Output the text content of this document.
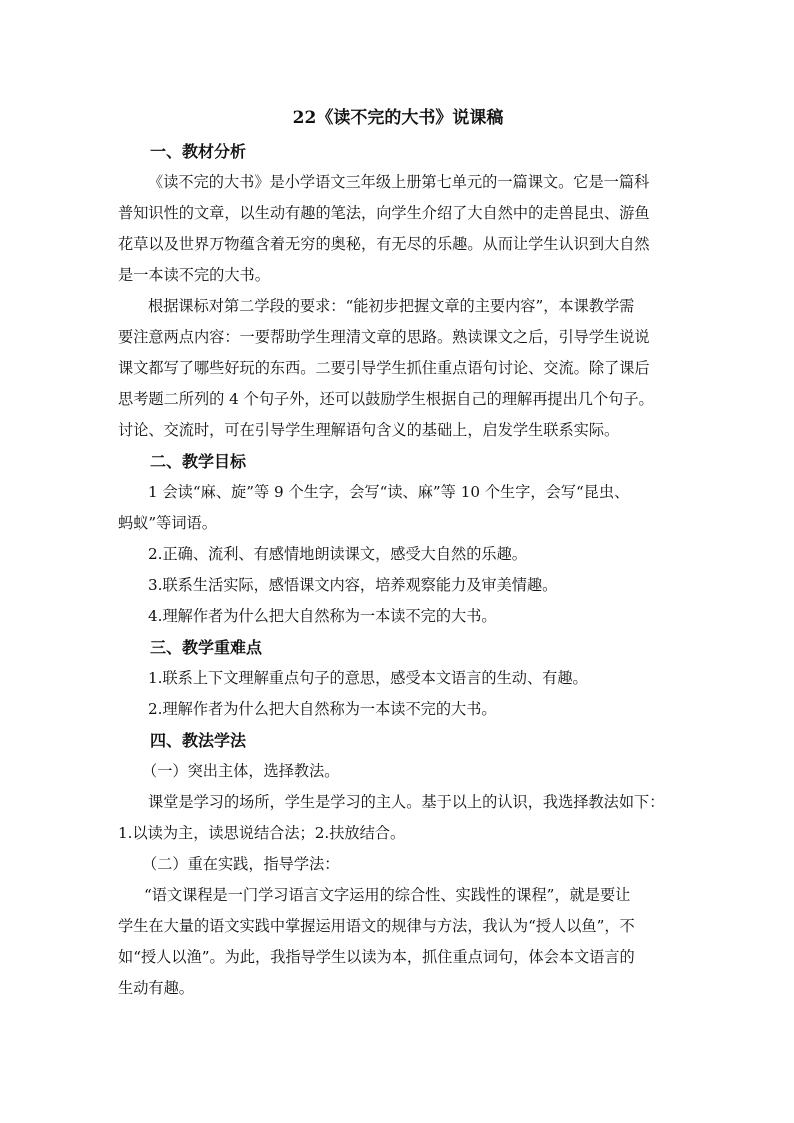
22《读不完的大书》说课稿
一、教材分析
《读不完的大书》是小学语文三年级上册第七单元的一篇课文。它是一篇科
普知识性的文章，以生动有趣的笔法，向学生介绍了大自然中的走兽昆虫、游鱼
花草以及世界万物蕴含着无穷的奥秘，有无尽的乐趣。从而让学生认识到大自然
是一本读不完的大书。
根据课标对第二学段的要求：“能初步把握文章的主要内容”，本课教学需
要注意两点内容：一要帮助学生理清文章的思路。熟读课文之后，引导学生说说
课文都写了哪些好玩的东西。二要引导学生抓住重点语句讨论、交流。除了课后
思考题二所列的 4 个句子外，还可以鼓励学生根据自己的理解再提出几个句子。
讨论、交流时，可在引导学生理解语句含义的基础上，启发学生联系实际。
二、教学目标
1 会读“麻、旋”等 9 个生字，会写“读、麻”等 10 个生字，会写“昆虫、
蚂蚁”等词语。
2.正确、流利、有感情地朗读课文，感受大自然的乐趣。
3.联系生活实际，感悟课文内容，培养观察能力及审美情趣。
4.理解作者为什么把大自然称为一本读不完的大书。
三、教学重难点
1.联系上下文理解重点句子的意思，感受本文语言的生动、有趣。
2.理解作者为什么把大自然称为一本读不完的大书。
四、教法学法
（一）突出主体，选择教法。
课堂是学习的场所，学生是学习的主人。基于以上的认识，我选择教法如下：
1.以读为主，读思说结合法；2.扶放结合。
（二）重在实践，指导学法：
“语文课程是一门学习语言文字运用的综合性、实践性的课程”，就是要让
学生在大量的语文实践中掌握运用语文的规律与方法，我认为“授人以鱼”，不
如“授人以渔”。为此，我指导学生以读为本，抓住重点词句，体会本文语言的
生动有趣。
